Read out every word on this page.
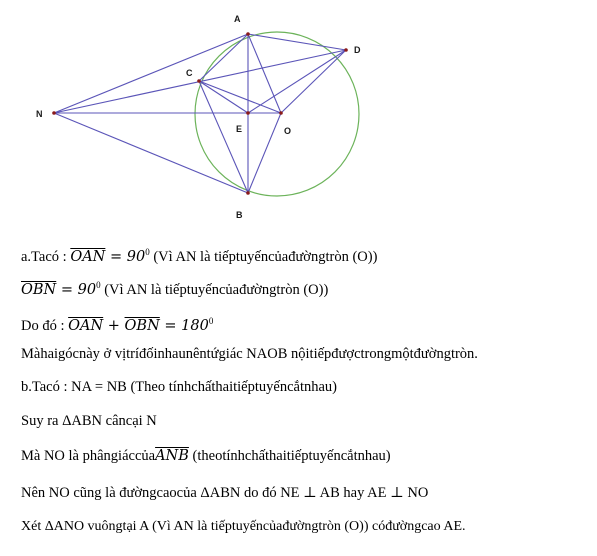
A
B
C
D
E
N
O
a.Tacó : $\overline{OAN} = 90^0$ (Vì AN là tiếptuyếncủađườngtròn (O))
$\overline{OBN} = 90^0$ (Vì AN là tiếptuyếncủađườngtròn (O))
Do đó : $\overline{OAN} + \overline{OBN} = 180^0$
Màhaigócnày ở vịtríđốinhaunêntứgiác NAOB nộitiếpđượctrongmộtđườngtròn.
b.Tacó : NA = NB (Theo tínhchấthaitiếptuyếncắtnhau)
Suy ra ΔABN câncại N
Mà NO là $phângiáccủa\overline{ANB}$ (theotínhchấthaitiếptuyếncắtnhau)
Nên NO cũng là đườngcaocủa ΔABN do đó NE ⊥ AB hay AE ⊥ NO
Xét ΔANO vuôngtại A (Vì AN là tiếptuyếncủađườngtròn (O)) cóđườngcao AE.
